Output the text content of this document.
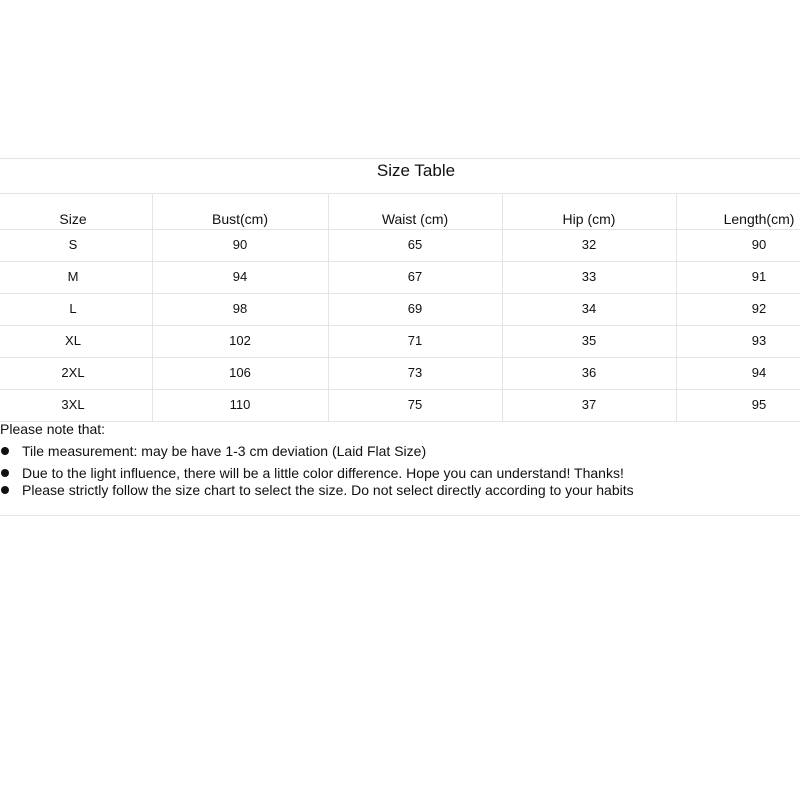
Size Table
Size	Bust(cm)	Waist (cm)	Hip (cm)	Length(cm)
S	90	65	32	90
M	94	67	33	91
L	98	69	34	92
XL	102	71	35	93
2XL	106	73	36	94
3XL	110	75	37	95
Please note that:
Tile measurement: may be have 1-3 cm deviation (Laid Flat Size)
Due to the light influence, there will be a little color difference. Hope you can understand! Thanks!
Please strictly follow the size chart to select the size. Do not select directly according to your habits
